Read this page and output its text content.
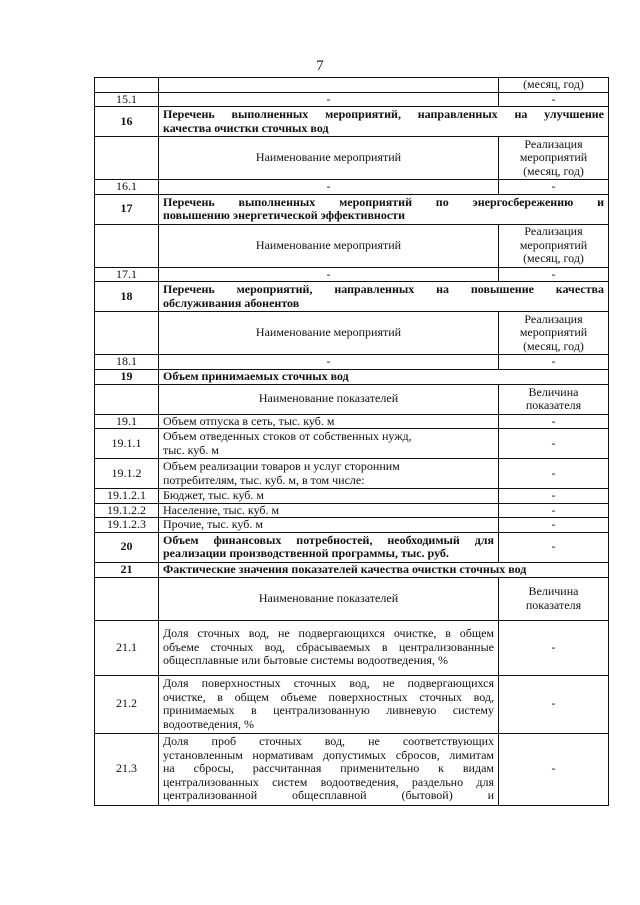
7
		(месяц, год)
15.1	-	-
16	Перечень выполненных мероприятий, направленных на улучшение
качества очистки сточных вод	

	Наименование мероприятий	Реализация
мероприятий
(месяц, год)

16.1	-	-
17	Перечень выполненных мероприятий по энергосбережению и
повышению энергетической эффективности	

	Наименование мероприятий	Реализация
мероприятий
(месяц, год)

17.1	-	-
18	Перечень мероприятий, направленных на повышение качества
обслуживания абонентов	

	Наименование мероприятий	Реализация
мероприятий
(месяц, год)

18.1	-	-
19	Объем принимаемых сточных вод	
	Наименование показателей	Величина
показателя

19.1	Объем отпуска в сеть, тыс. куб. м	-
19.1.1	Объем отведенных стоков от собственных нужд,
тыс. куб. м	-
19.1.2	Объем реализации товаров и услуг сторонним
потребителям, тыс. куб. м, в том числе:	-
19.1.2.1	Бюджет, тыс. куб. м	-
19.1.2.2	Население, тыс. куб. м	-
19.1.2.3	Прочие, тыс. куб. м	-
20	Объем финансовых потребностей, необходимый для
реализации производственной программы, тыс. руб.	-
21	Фактические значения показателей качества очистки сточных вод	
	Наименование показателей	Величина
показателя

21.1	Доля сточных вод, не подвергающихся очистке, в общем
объеме сточных вод, сбрасываемых в централизованные
общесплавные или бытовые системы водоотведения, %	-
21.2	Доля поверхностных сточных вод, не подвергающихся
очистке, в общем объеме поверхностных сточных вод,
принимаемых в централизованную ливневую систему
водоотведения, %	-
21.3	Доля проб сточных вод, не соответствующих
установленным нормативам допустимых сбросов, лимитам
на сбросы, рассчитанная применительно к видам
централизованных систем водоотведения, раздельно для
централизованной общесплавной (бытовой) и	-
